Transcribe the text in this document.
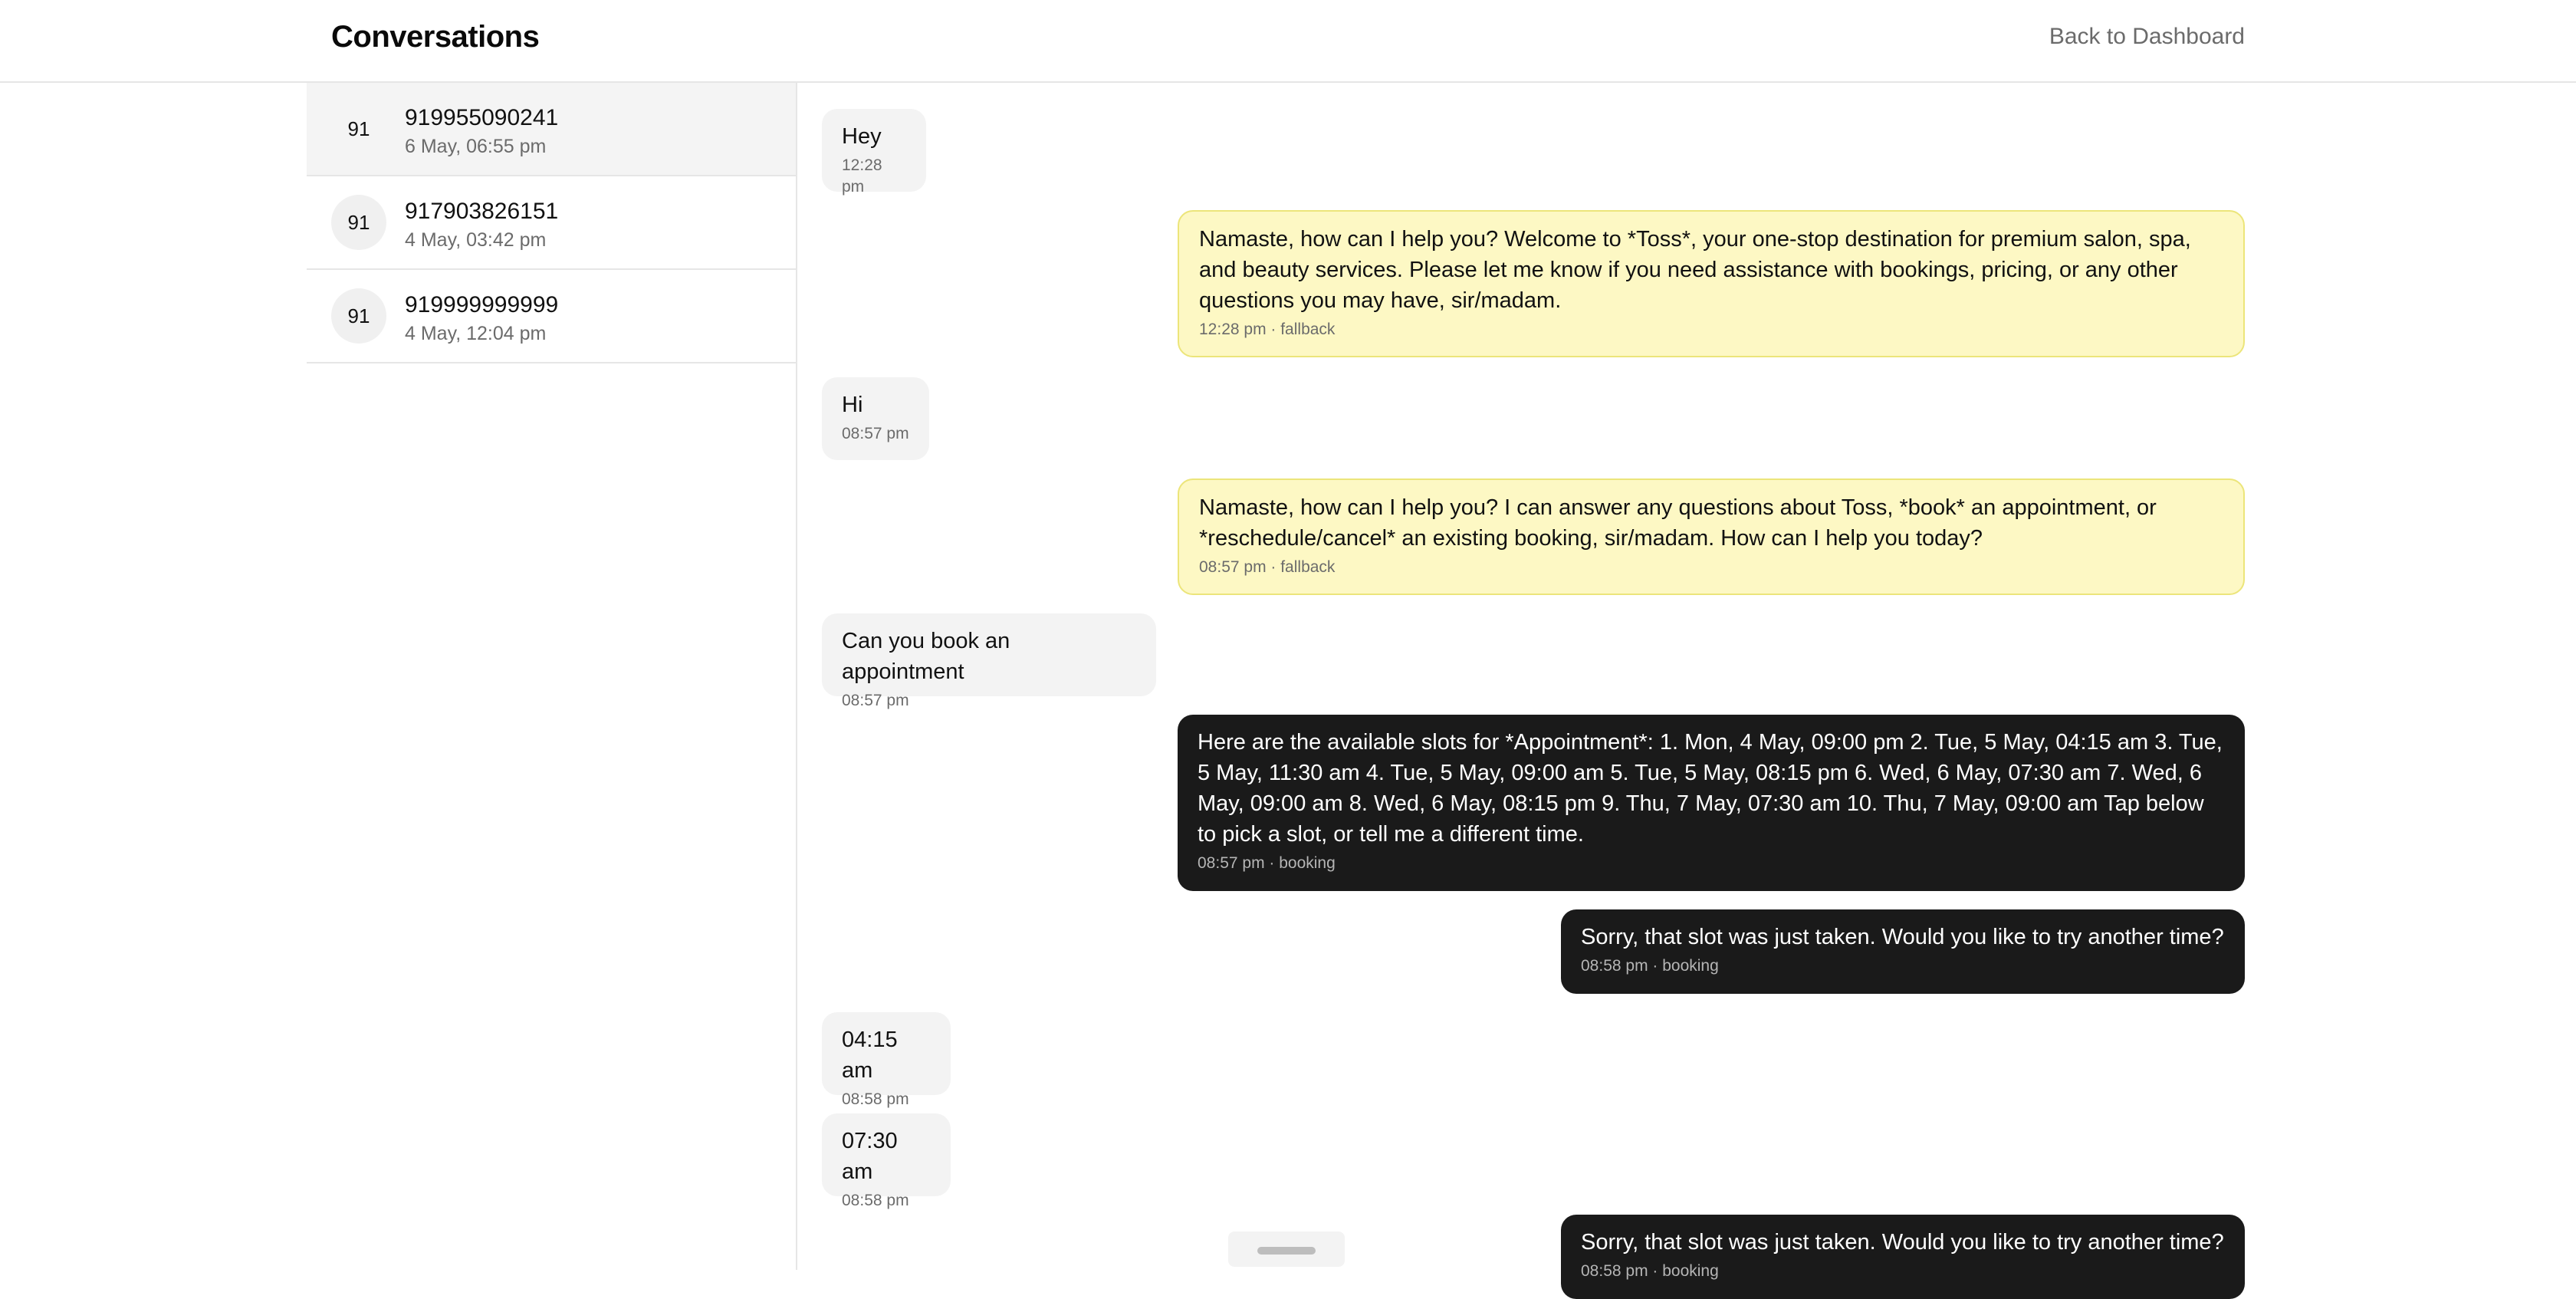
Conversations	Back to Dashboard
91	919955090241
6 May, 06:55 pm
91	917903826151
4 May, 03:42 pm
91	919999999999
4 May, 12:04 pm
Hey
12:28 pm
Namaste, how can I help you? Welcome to *Toss*, your one-stop destination for premium salon, spa, and beauty services. Please let me know if you need assistance with bookings, pricing, or any other questions you may have, sir/madam.
12:28 pm · fallback
Hi
08:57 pm
Namaste, how can I help you? I can answer any questions about Toss, *book* an appointment, or *reschedule/cancel* an existing booking, sir/madam. How can I help you today?
08:57 pm · fallback
Can you book an appointment
08:57 pm
Here are the available slots for *Appointment*: 1. Mon, 4 May, 09:00 pm 2. Tue, 5 May, 04:15 am 3. Tue, 5 May, 11:30 am 4. Tue, 5 May, 09:00 am 5. Tue, 5 May, 08:15 pm 6. Wed, 6 May, 07:30 am 7. Wed, 6 May, 09:00 am 8. Wed, 6 May, 08:15 pm 9. Thu, 7 May, 07:30 am 10. Thu, 7 May, 09:00 am Tap below to pick a slot, or tell me a different time.
08:57 pm · booking
Sorry, that slot was just taken. Would you like to try another time?
08:58 pm · booking
04:15 am
08:58 pm
07:30 am
08:58 pm
Sorry, that slot was just taken. Would you like to try another time?
08:58 pm · booking
